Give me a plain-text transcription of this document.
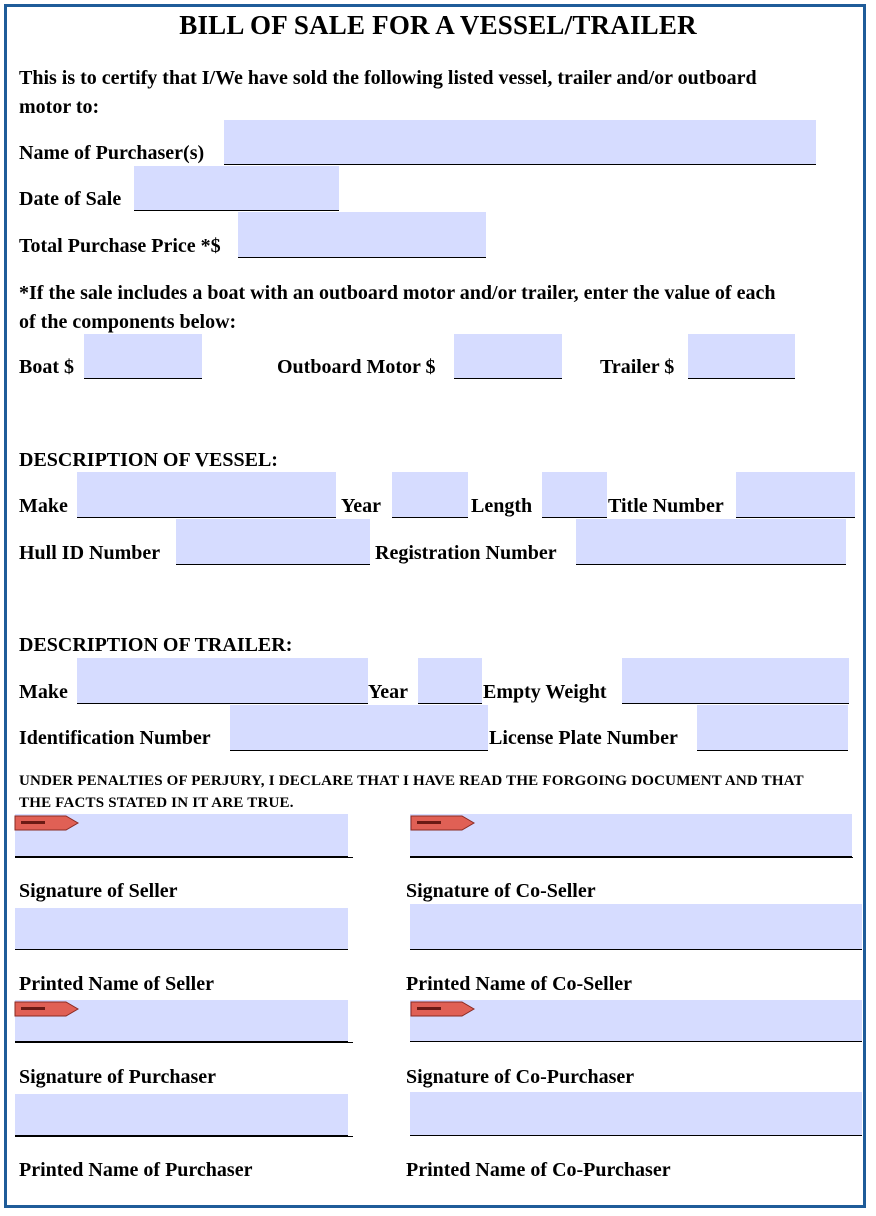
BILL OF SALE FOR A VESSEL/TRAILER
This is to certify that I/We have sold the following listed vessel, trailer and/or outboard
motor to:
Name of Purchaser(s)
Date of Sale
Total Purchase Price *$
*If the sale includes a boat with an outboard motor and/or trailer, enter the value of each
of the components below:
Boat $	Outboard Motor $	Trailer $
DESCRIPTION OF VESSEL:
Make	Year	Length	Title Number
Hull ID Number	Registration Number
DESCRIPTION OF TRAILER:
Make	Year	Empty Weight
Identification Number	License Plate Number
UNDER PENALTIES OF PERJURY, I DECLARE THAT I HAVE READ THE FORGOING DOCUMENT AND THAT
THE FACTS STATED IN IT ARE TRUE.
Signature of Seller	Signature of Co-Seller
Printed Name of Seller	Printed Name of Co-Seller
Signature of Purchaser	Signature of Co-Purchaser
Printed Name of Purchaser	Printed Name of Co-Purchaser
